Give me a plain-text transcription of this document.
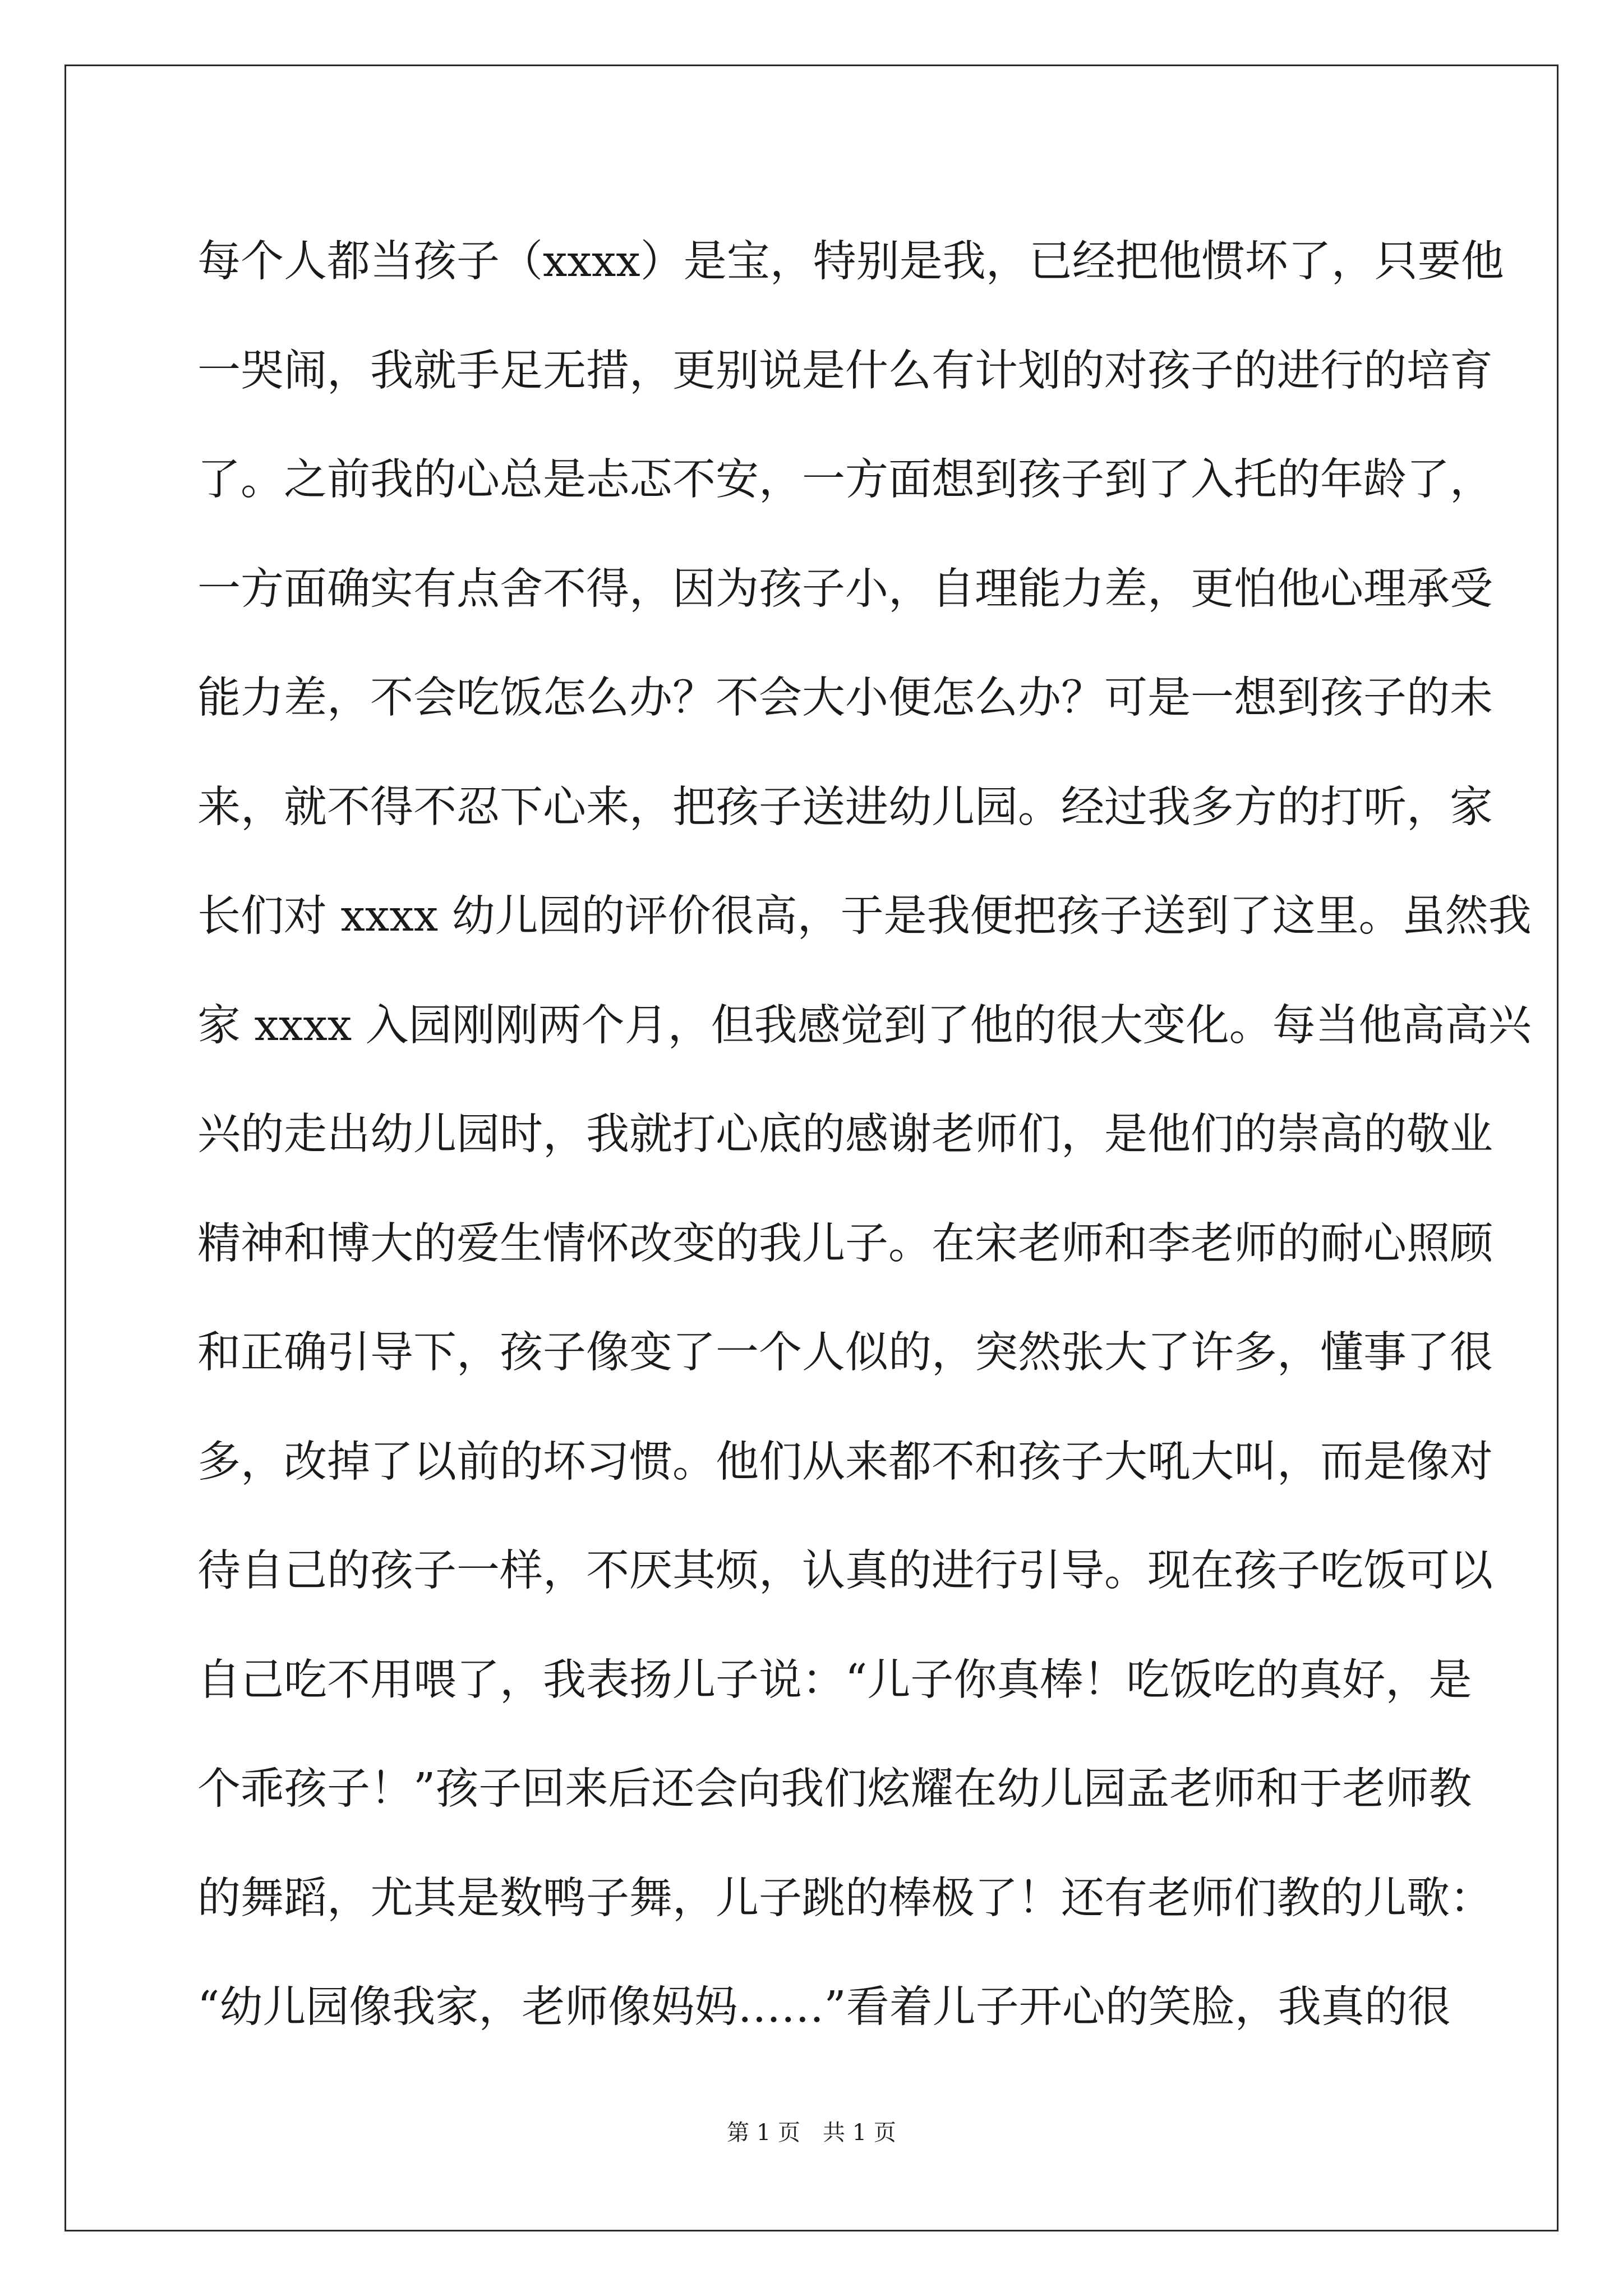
每个人都当孩子（xxxx）是宝，特别是我，已经把他惯坏了，只要他
一哭闹，我就手足无措，更别说是什么有计划的对孩子的进行的培育
了。之前我的心总是忐忑不安，一方面想到孩子到了入托的年龄了，
一方面确实有点舍不得，因为孩子小，自理能力差，更怕他心理承受
能力差，不会吃饭怎么办？不会大小便怎么办？可是一想到孩子的未
来，就不得不忍下心来，把孩子送进幼儿园。经过我多方的打听，家
长们对 xxxx 幼儿园的评价很高，于是我便把孩子送到了这里。虽然我
家 xxxx 入园刚刚两个月，但我感觉到了他的很大变化。每当他高高兴
兴的走出幼儿园时，我就打心底的感谢老师们，是他们的崇高的敬业
精神和博大的爱生情怀改变的我儿子。在宋老师和李老师的耐心照顾
和正确引导下，孩子像变了一个人似的，突然张大了许多，懂事了很
多，改掉了以前的坏习惯。他们从来都不和孩子大吼大叫，而是像对
待自己的孩子一样，不厌其烦，认真的进行引导。现在孩子吃饭可以
自己吃不用喂了，我表扬儿子说：“儿子你真棒！吃饭吃的真好，是
个乖孩子！”孩子回来后还会向我们炫耀在幼儿园孟老师和于老师教
的舞蹈，尤其是数鸭子舞，儿子跳的棒极了！还有老师们教的儿歌：
“幼儿园像我家，老师像妈妈……”看着儿子开心的笑脸，我真的很
第 1 页　共 1 页
